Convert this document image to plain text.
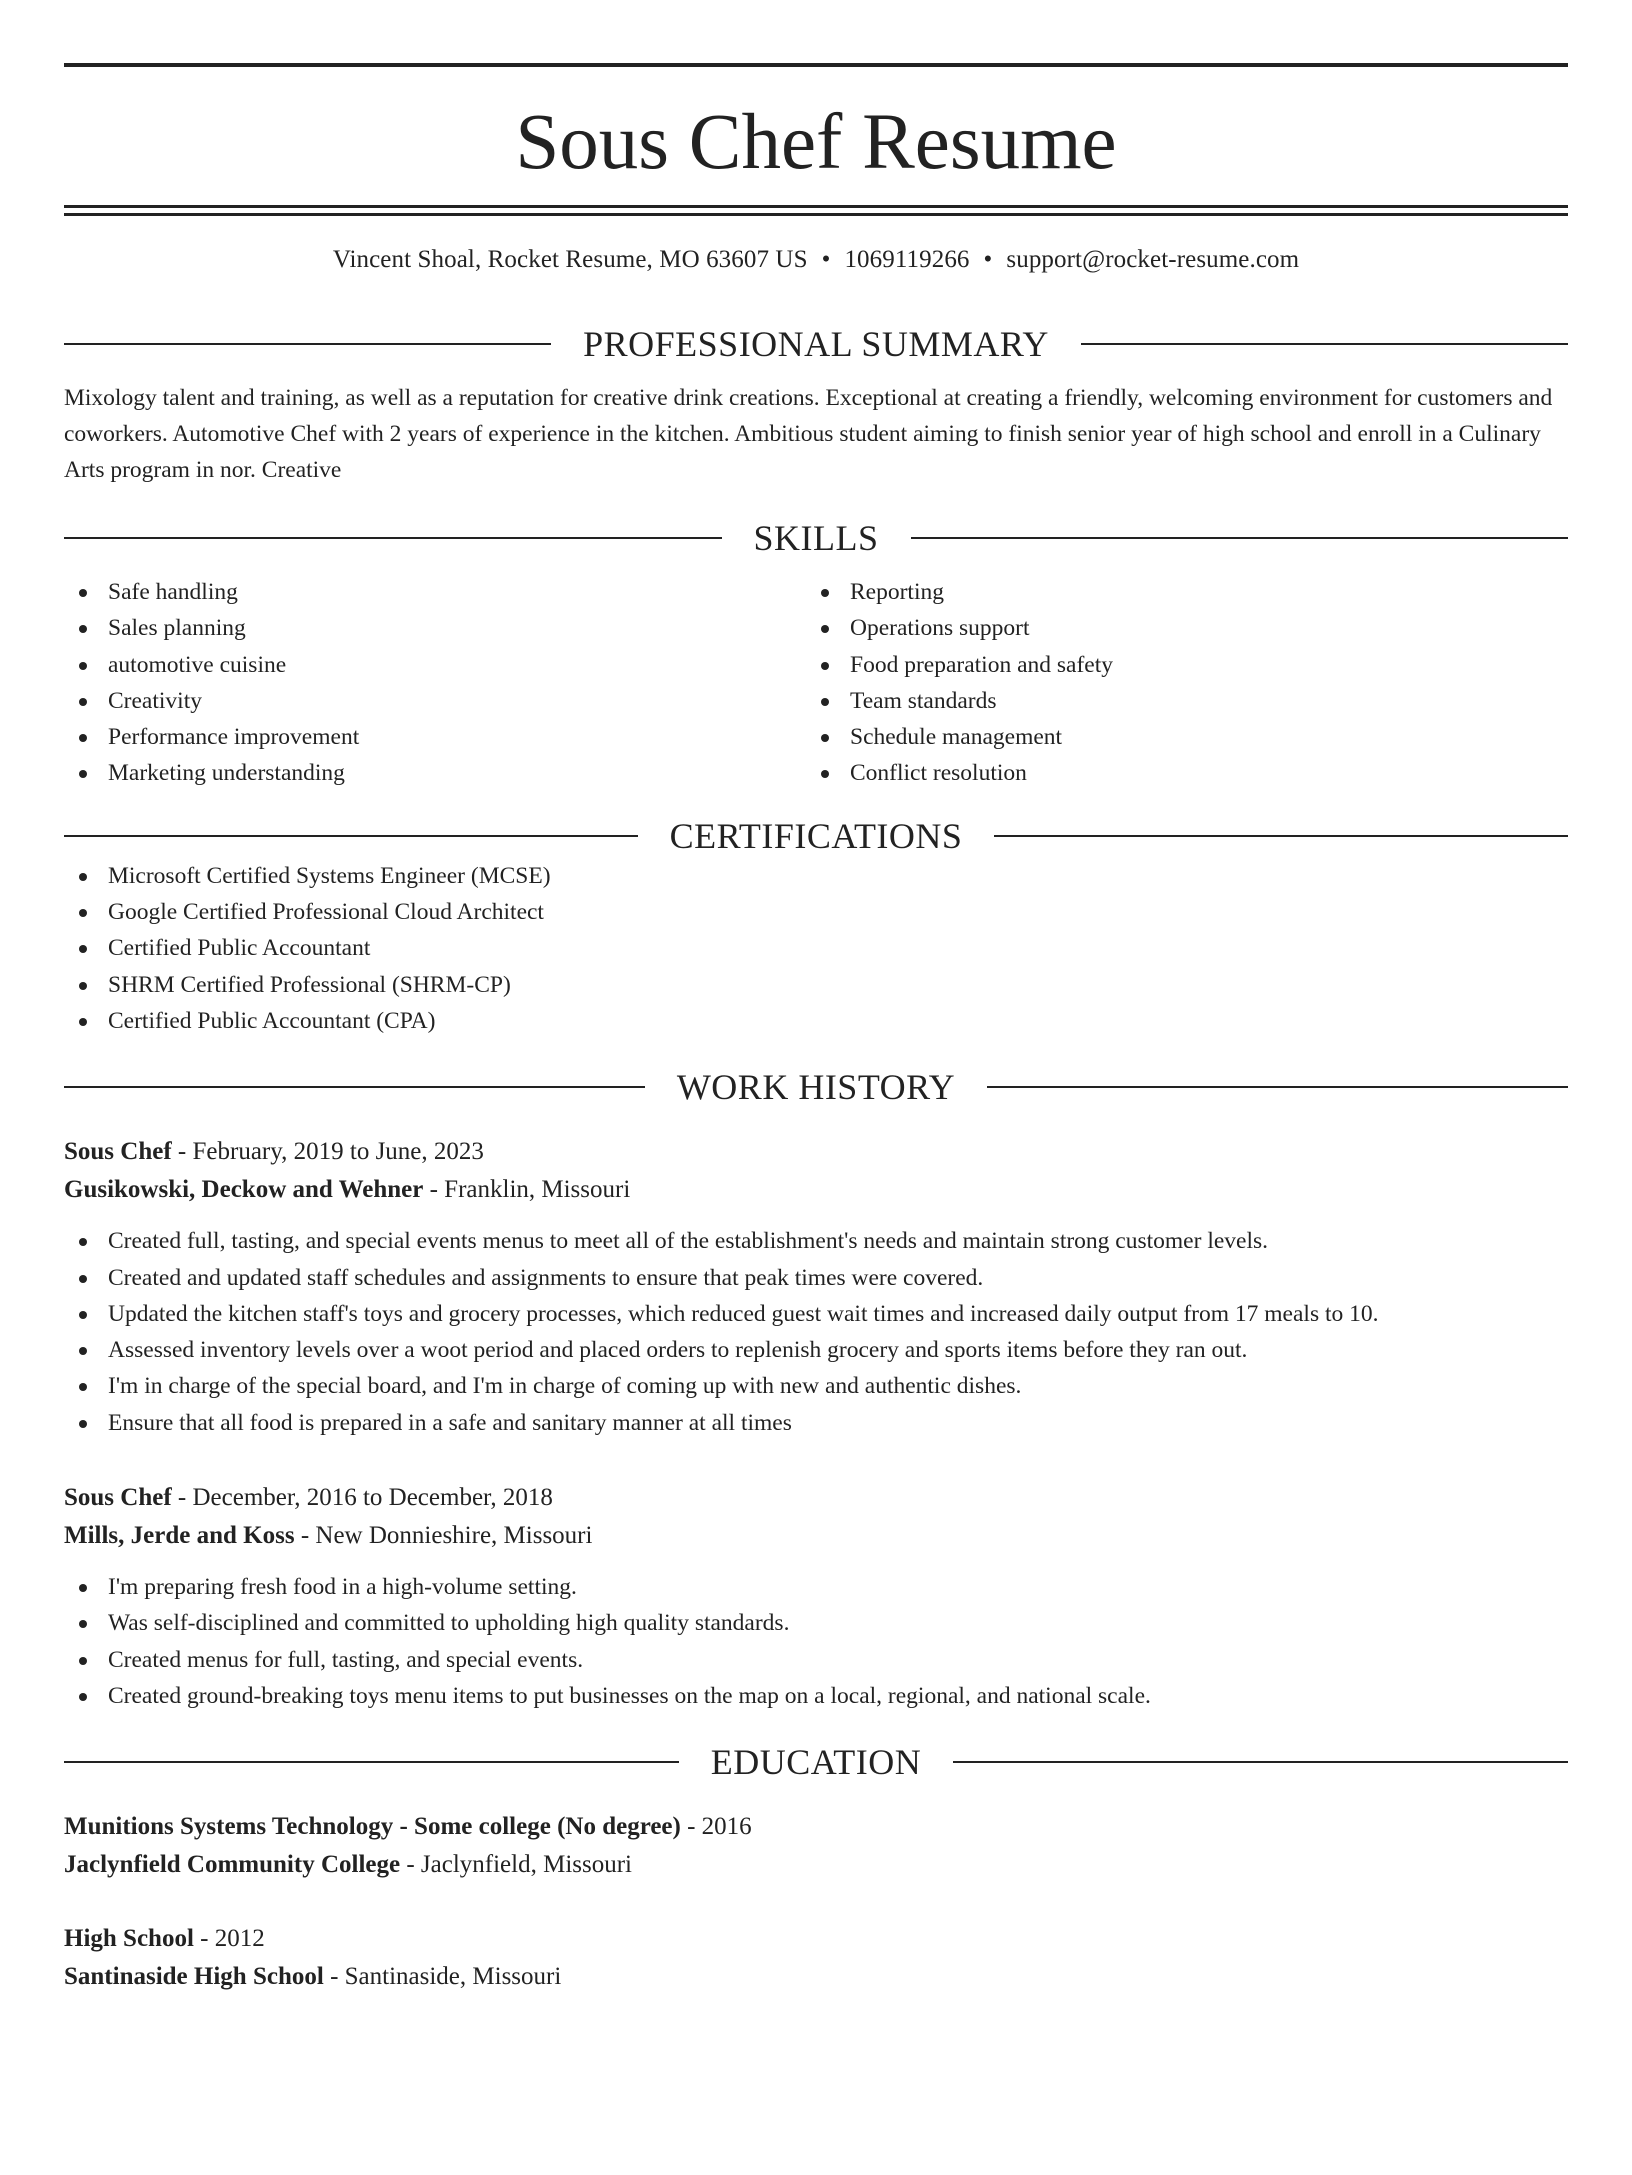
Sous Chef Resume
Vincent Shoal, Rocket Resume, MO 63607 US • 1069119266 • support@rocket-resume.com
PROFESSIONAL SUMMARY

Mixology talent and training, as well as a reputation for creative drink creations. Exceptional at creating a friendly, welcoming environment for customers and coworkers. Automotive Chef with 2 years of experience in the kitchen. Ambitious student aiming to finish senior year of high school and enroll in a Culinary Arts program in nor. Creative

SKILLS
Safe handling
Sales planning
automotive cuisine
Creativity
Performance improvement
Marketing understanding
Reporting
Operations support
Food preparation and safety
Team standards
Schedule management
Conflict resolution
CERTIFICATIONS
Microsoft Certified Systems Engineer (MCSE)
Google Certified Professional Cloud Architect
Certified Public Accountant
SHRM Certified Professional (SHRM-CP)
Certified Public Accountant (CPA)
WORK HISTORY
Sous Chef - February, 2019 to June, 2023
Gusikowski, Deckow and Wehner - Franklin, Missouri
Created full, tasting, and special events menus to meet all of the establishment's needs and maintain strong customer levels.
Created and updated staff schedules and assignments to ensure that peak times were covered.
Updated the kitchen staff's toys and grocery processes, which reduced guest wait times and increased daily output from 17 meals to 10.
Assessed inventory levels over a woot period and placed orders to replenish grocery and sports items before they ran out.
I'm in charge of the special board, and I'm in charge of coming up with new and authentic dishes.
Ensure that all food is prepared in a safe and sanitary manner at all times
Sous Chef - December, 2016 to December, 2018
Mills, Jerde and Koss - New Donnieshire, Missouri
I'm preparing fresh food in a high-volume setting.
Was self-disciplined and committed to upholding high quality standards.
Created menus for full, tasting, and special events.
Created ground-breaking toys menu items to put businesses on the map on a local, regional, and national scale.
EDUCATION
Munitions Systems Technology - Some college (No degree) - 2016
Jaclynfield Community College - Jaclynfield, Missouri
High School - 2012
Santinaside High School - Santinaside, Missouri
